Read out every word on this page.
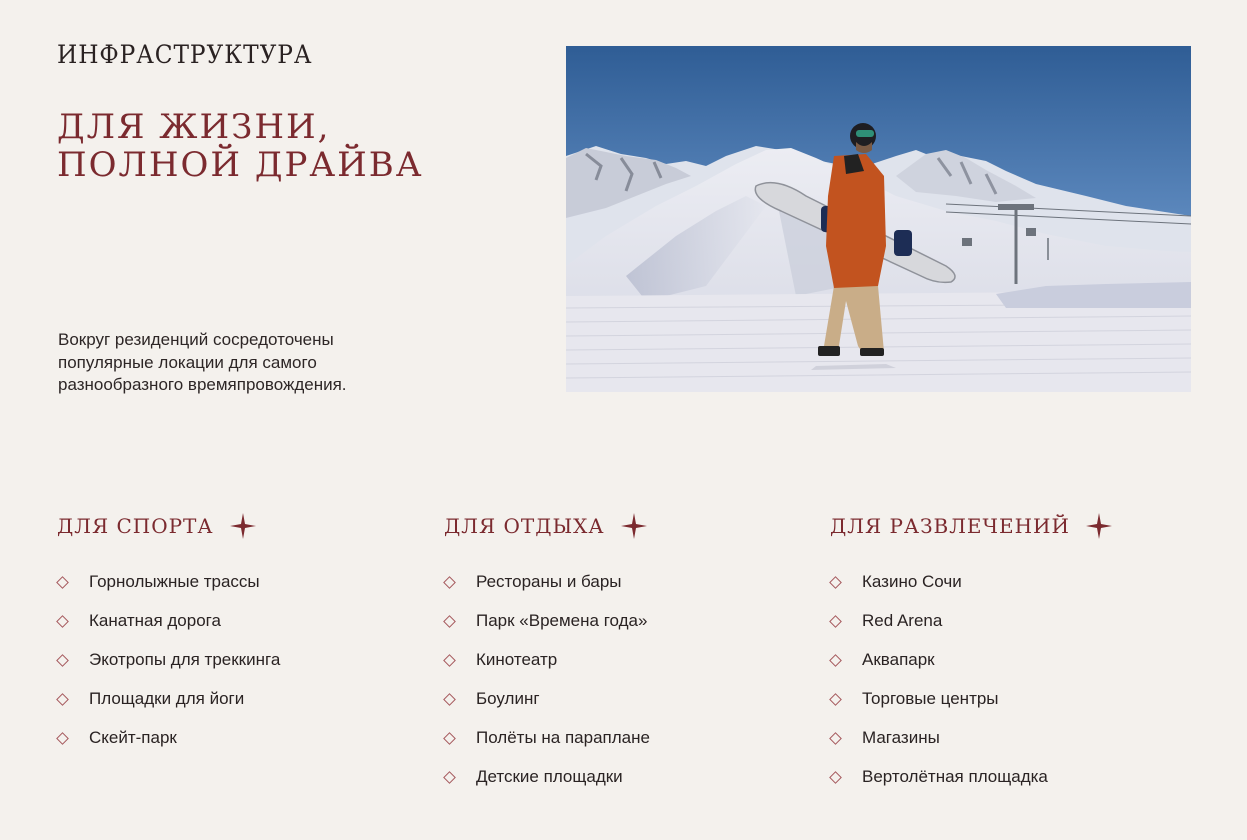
ИНФРАСТРУКТУРА
ДЛЯ ЖИЗНИ,
ПОЛНОЙ ДРАЙВА

Вокруг резиденций сосредоточены популярные локации для самого разнообразного времяпровождения.

ДЛЯ СПОРТА
Горнолыжные трассы
Канатная дорога
Экотропы для треккинга
Площадки для йоги
Скейт-парк
ДЛЯ ОТДЫХА
Рестораны и бары
Парк «Времена года»
Кинотеатр
Боулинг
Полёты на параплане
Детские площадки
ДЛЯ РАЗВЛЕЧЕНИЙ
Казино Сочи
Red Arena
Аквапарк
Торговые центры
Магазины
Вертолётная площадка
